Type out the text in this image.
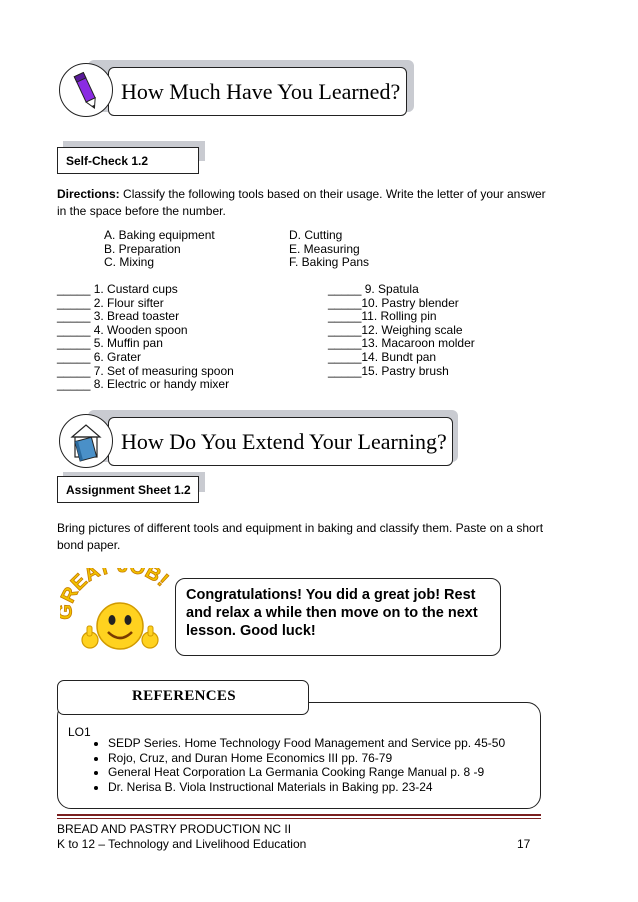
How Much Have You Learned?
Self-Check 1.2
Directions: Classify the following tools based on their usage. Write the letter of your answer in the space before the number.
A. Baking equipment
B. Preparation
C. Mixing
D. Cutting
E. Measuring
F. Baking Pans
_____ 1. Custard cups
_____ 2. Flour sifter
_____ 3. Bread toaster
_____ 4. Wooden spoon
_____ 5. Muffin pan
_____ 6. Grater
_____ 7. Set of measuring spoon
_____ 8. Electric or handy mixer
_____ 9. Spatula
_____10. Pastry blender
_____11. Rolling pin
_____12. Weighing scale
_____13. Macaroon molder
_____14. Bundt pan
_____15. Pastry brush
How Do You Extend Your Learning?
Assignment Sheet 1.2
Bring pictures of different tools and equipment in baking and classify them. Paste on a short bond paper.
EAT B!
Congratulations! You did a great job! Rest and relax a while then move on to the next lesson. Good luck!
REFERENCES
LO1
• SEDP Series. Home Technology Food Management and Service pp. 45-50
• Rojo, Cruz, and Duran Home Economics III pp. 76-79
• General Heat Corporation La Germania Cooking Range Manual p. 8 -9
• Dr. Nerisa B. Viola Instructional Materials in Baking pp. 23-24
BREAD AND PASTRY PRODUCTION NC II
K to 12 – Technology and Livelihood Education	17
